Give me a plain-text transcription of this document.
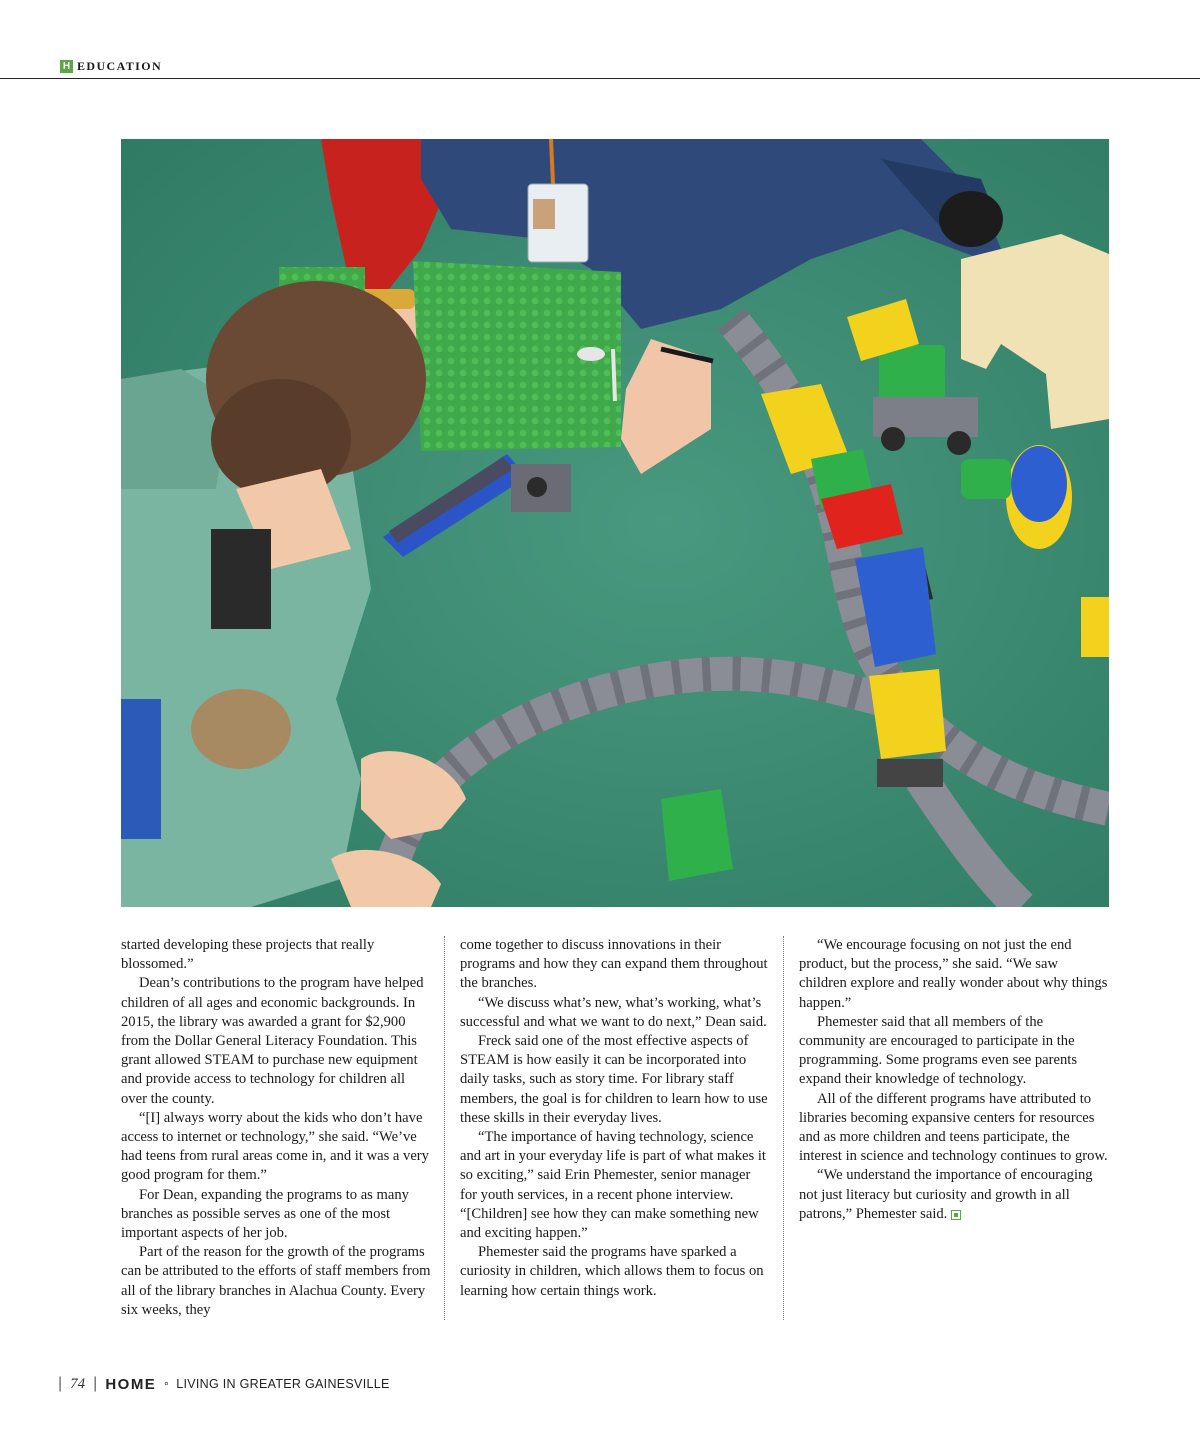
H EDUCATION

started developing these projects that really blossomed.”

Dean’s contributions to the program have helped children of all ages and economic backgrounds. In 2015, the library was awarded a grant for $2,900 from the Dollar General Literacy Foundation. This grant allowed STEAM to purchase new equipment and provide access to technology for children all over the county.

“[I] always worry about the kids who don’t have access to internet or technology,” she said. “We’ve had teens from rural areas come in, and it was a very good program for them.”

For Dean, expanding the programs to as many branches as possible serves as one of the most important aspects of her job.

Part of the reason for the growth of the programs can be attributed to the efforts of staff members from all of the library branches in Alachua County. Every six weeks, they

come together to discuss innovations in their programs and how they can expand them throughout the branches.

“We discuss what’s new, what’s working, what’s successful and what we want to do next,” Dean said.

Freck said one of the most effective aspects of STEAM is how easily it can be incorporated into daily tasks, such as story time. For library staff members, the goal is for children to learn how to use these skills in their everyday lives.

“The importance of having technology, science and art in your everyday life is part of what makes it so exciting,” said Erin Phemester, senior manager for youth services, in a recent phone interview. “[Children] see how they can make something new and exciting happen.”

Phemester said the programs have sparked a curiosity in children, which allows them to focus on learning how certain things work.

“We encourage focusing on not just the end product, but the process,” she said. “We saw children explore and really wonder about why things happen.”

Phemester said that all members of the community are encouraged to participate in the programming. Some programs even see parents expand their knowledge of technology.

All of the different programs have attributed to libraries becoming expansive centers for resources and as more children and teens participate, the interest in science and technology continues to grow.

“We understand the importance of encouraging not just literacy but curiosity and growth in all patrons,” Phemester said.

| 74 | HOME ¤ LIVING IN GREATER GAINESVILLE
